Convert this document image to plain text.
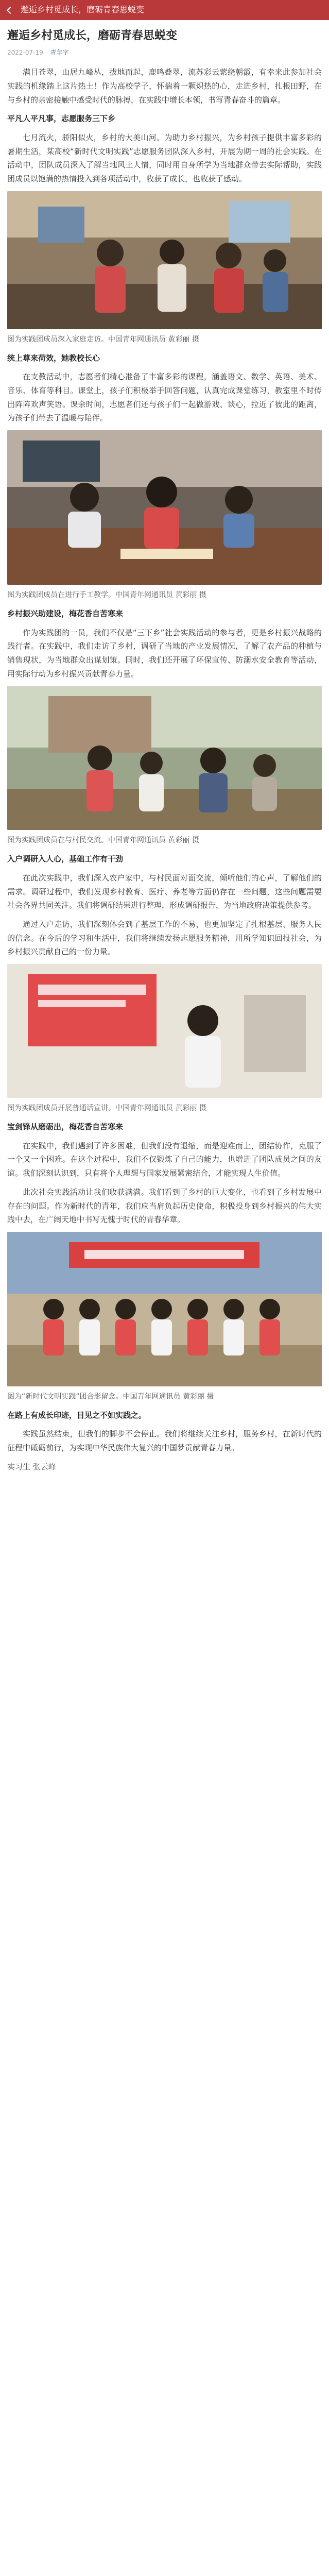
邂逅乡村觅成长，磨砺青春思蜕变
邂逅乡村觅成长，磨砺青春思蜕变
2022-07-19 青年字

满目苍翠，山居九峰丛，拔地而起，鹿鸣叠翠，流苏彩云萦绕朝霞，有幸来此参加社会实践的机缘踏上这片热土！作为高校学子，怀揣着一颗炽热的心，走进乡村，扎根田野，在与乡村的亲密接触中感受时代的脉搏，在实践中增长本领，书写青春奋斗的篇章。

平凡人平凡事，志愿服务三下乡

七月流火，骄阳似火，乡村的大美山河。为助力乡村振兴，为乡村孩子提供丰富多彩的暑期生活，某高校“新时代文明实践”志愿服务团队深入乡村，开展为期一周的社会实践。在活动中，团队成员深入了解当地风土人情，同时用自身所学为当地群众带去实际帮助，实践团成员以饱满的热情投入到各项活动中，收获了成长，也收获了感动。

图为实践团成员深入家庭走访。中国青年网通讯员 黄彩丽 摄

统上尊来荷效，她教校长心

在支教活动中，志愿者们精心准备了丰富多彩的课程，涵盖语文、数学、英语、美术、音乐、体育等科目。课堂上，孩子们积极举手回答问题，认真完成课堂练习，教室里不时传出阵阵欢声笑语。课余时间，志愿者们还与孩子们一起做游戏、谈心，拉近了彼此的距离，为孩子们带去了温暖与陪伴。

图为实践团成员在进行手工教学。中国青年网通讯员 黄彩丽 摄

乡村振兴助建设，梅花香自苦寒来

作为实践团的一员，我们不仅是“三下乡”社会实践活动的参与者，更是乡村振兴战略的践行者。在实践中，我们走访了乡村，调研了当地的产业发展情况，了解了农产品的种植与销售现状，为当地群众出谋划策。同时，我们还开展了环保宣传、防溺水安全教育等活动，用实际行动为乡村振兴贡献青春力量。

图为实践团成员在与村民交流。中国青年网通讯员 黄彩丽 摄

入户调研入人心，基础工作有干劲

在此次实践中，我们深入农户家中，与村民面对面交流，倾听他们的心声，了解他们的需求。调研过程中，我们发现乡村教育、医疗、养老等方面仍存在一些问题，这些问题需要社会各界共同关注。我们将调研结果进行整理，形成调研报告，为当地政府决策提供参考。

通过入户走访，我们深刻体会到了基层工作的不易，也更加坚定了扎根基层、服务人民的信念。在今后的学习和生活中，我们将继续发扬志愿服务精神，用所学知识回报社会，为乡村振兴贡献自己的一份力量。

图为实践团成员开展普通话宣讲。中国青年网通讯员 黄彩丽 摄

宝剑锋从磨砺出，梅花香自苦寒来

在实践中，我们遇到了许多困难，但我们没有退缩，而是迎难而上，团结协作，克服了一个又一个困难。在这个过程中，我们不仅锻炼了自己的能力，也增进了团队成员之间的友谊。我们深刻认识到，只有将个人理想与国家发展紧密结合，才能实现人生价值。

此次社会实践活动让我们收获满满。我们看到了乡村的巨大变化，也看到了乡村发展中存在的问题。作为新时代的青年，我们应当肩负起历史使命，积极投身到乡村振兴的伟大实践中去，在广阔天地中书写无愧于时代的青春华章。

图为“新时代文明实践”团合影留念。中国青年网通讯员 黄彩丽 摄

在路上有成长印迹，目见之不如实践之。

实践虽然结束，但我们的脚步不会停止。我们将继续关注乡村，服务乡村，在新时代的征程中砥砺前行，为实现中华民族伟大复兴的中国梦贡献青春力量。

实习生 张云峰
